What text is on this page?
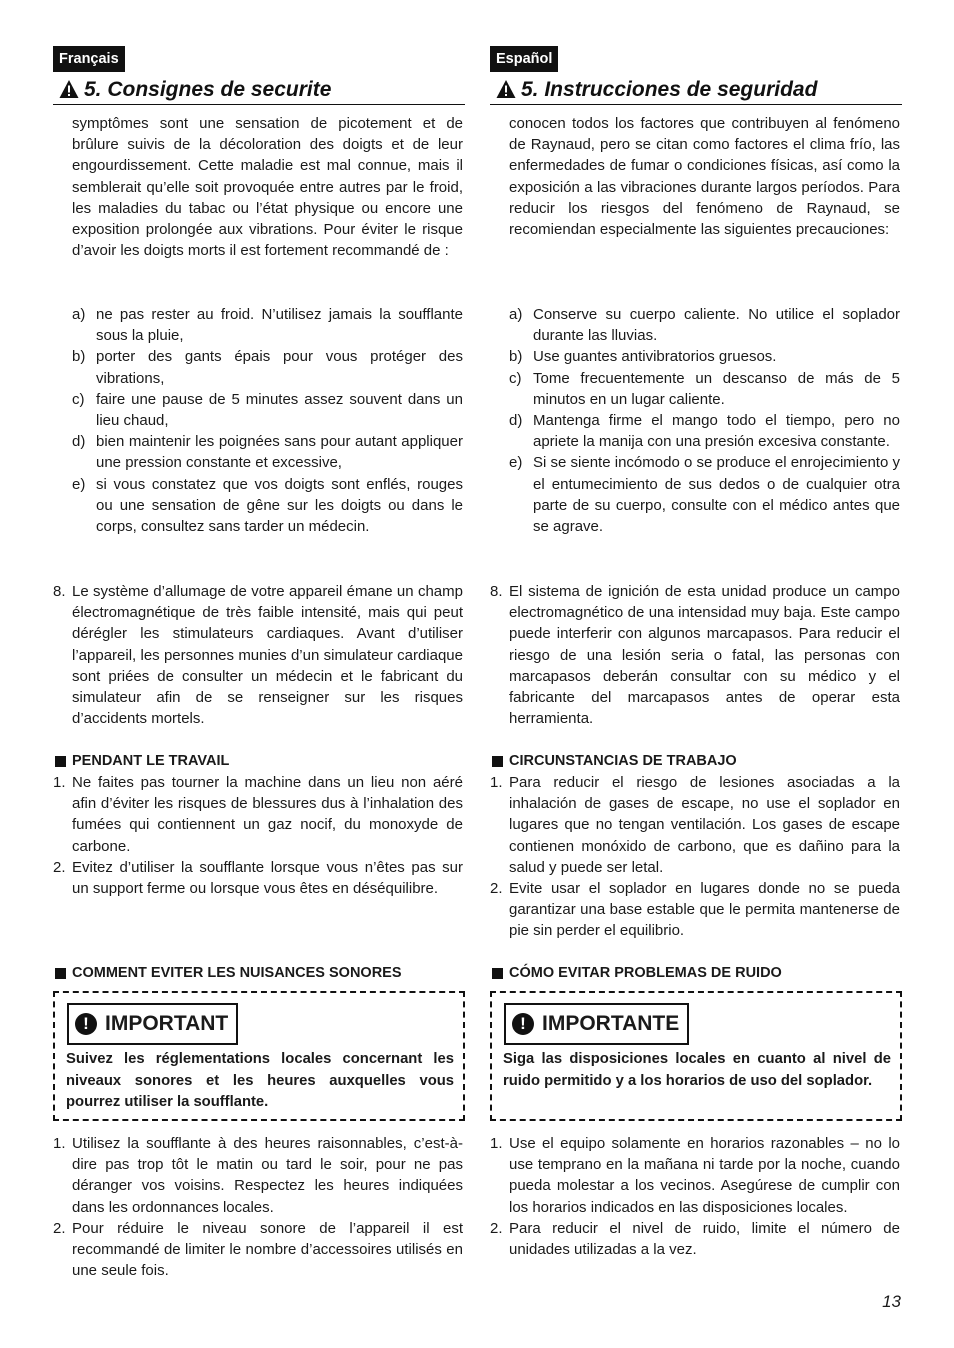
Français
5. Consignes de securite
symptômes sont une sensation de picotement et de brûlure suivis de la décoloration des doigts et de leur engourdissement. Cette maladie est mal connue, mais il semblerait qu’elle soit provoquée entre autres par le froid, les maladies du tabac ou l’état physique ou encore une exposition prolongée aux vibrations. Pour éviter le risque d’avoir les doigts morts il est fortement recommandé de :
a) ne pas rester au froid. N’utilisez jamais la soufflante sous la pluie,
b) porter des gants épais pour vous protéger des vibrations,
c) faire une pause de 5 minutes assez souvent dans un lieu chaud,
d) bien maintenir les poignées sans pour autant appliquer une pression constante et excessive,
e) si vous constatez que vos doigts sont enflés, rouges ou une sensation de gêne sur les doigts ou dans le corps, consultez sans tarder un médecin.
8. Le système d’allumage de votre appareil émane un champ électromagnétique de très faible intensité, mais qui peut dérégler les stimulateurs cardiaques. Avant d’utiliser l’appareil, les personnes munies d’un simulateur cardiaque sont priées de consulter un médecin et le fabricant du simulateur afin de se renseigner sur les risques d’accidents mortels.
PENDANT LE TRAVAIL
1. Ne faites pas tourner la machine dans un lieu non aéré afin d’éviter les risques de blessures dus à l’inhalation des fumées qui contiennent un gaz nocif, du monoxyde de carbone.
2. Evitez d’utiliser la soufflante lorsque vous n’êtes pas sur un support ferme ou lorsque vous êtes en déséquilibre.
COMMENT EVITER LES NUISANCES SONORES
! IMPORTANT
Suivez les réglementations locales concernant les niveaux sonores et les heures auxquelles vous pourrez utiliser la soufflante.
1. Utilisez la soufflante à des heures raisonnables, c’est-à-dire pas trop tôt le matin ou tard le soir, pour ne pas déranger vos voisins. Respectez les heures indiquées dans les ordonnances locales.
2. Pour réduire le niveau sonore de l’appareil il est recommandé de limiter le nombre d’accessoires utilisés en une seule fois.
Español
5. Instrucciones de seguridad
conocen todos los factores que contribuyen al fenómeno de Raynaud, pero se citan como factores el clima frío, las enfermedades de fumar o condiciones físicas, así como la exposición a las vibraciones durante largos períodos. Para reducir los riesgos del fenómeno de Raynaud, se recomiendan especialmente las siguientes precauciones:
a) Conserve su cuerpo caliente. No utilice el soplador durante las lluvias.
b) Use guantes antivibratorios gruesos.
c) Tome frecuentemente un descanso de más de 5 minutos en un lugar caliente.
d) Mantenga firme el mango todo el tiempo, pero no apriete la manija con una presión excesiva constante.
e) Si se siente incómodo o se produce el enrojecimiento y el entumecimiento de sus dedos o de cualquier otra parte de su cuerpo, consulte con el médico antes que se agrave.
8. El sistema de ignición de esta unidad produce un campo electromagnético de una intensidad muy baja. Este campo puede interferir con algunos marcapasos. Para reducir el riesgo de una lesión seria o fatal, las personas con marcapasos deberán consultar con su médico y el fabricante del marcapasos antes de operar esta herramienta.
CIRCUNSTANCIAS DE TRABAJO
1. Para reducir el riesgo de lesiones asociadas a la inhalación de gases de escape, no use el soplador en lugares que no tengan ventilación. Los gases de escape contienen monóxido de carbono, que es dañino para la salud y puede ser letal.
2. Evite usar el soplador en lugares donde no se pueda garantizar una base estable que le permita mantenerse de pie sin perder el equilibrio.
CÓMO EVITAR PROBLEMAS DE RUIDO
! IMPORTANTE
Siga las disposiciones locales en cuanto al nivel de ruido permitido y a los horarios de uso del soplador.
1. Use el equipo solamente en horarios razonables – no lo use temprano en la mañana ni tarde por la noche, cuando pueda molestar a los vecinos. Asegúrese de cumplir con los horarios indicados en las disposiciones locales.
2. Para reducir el nivel de ruido, limite el número de unidades utilizadas a la vez.
13
